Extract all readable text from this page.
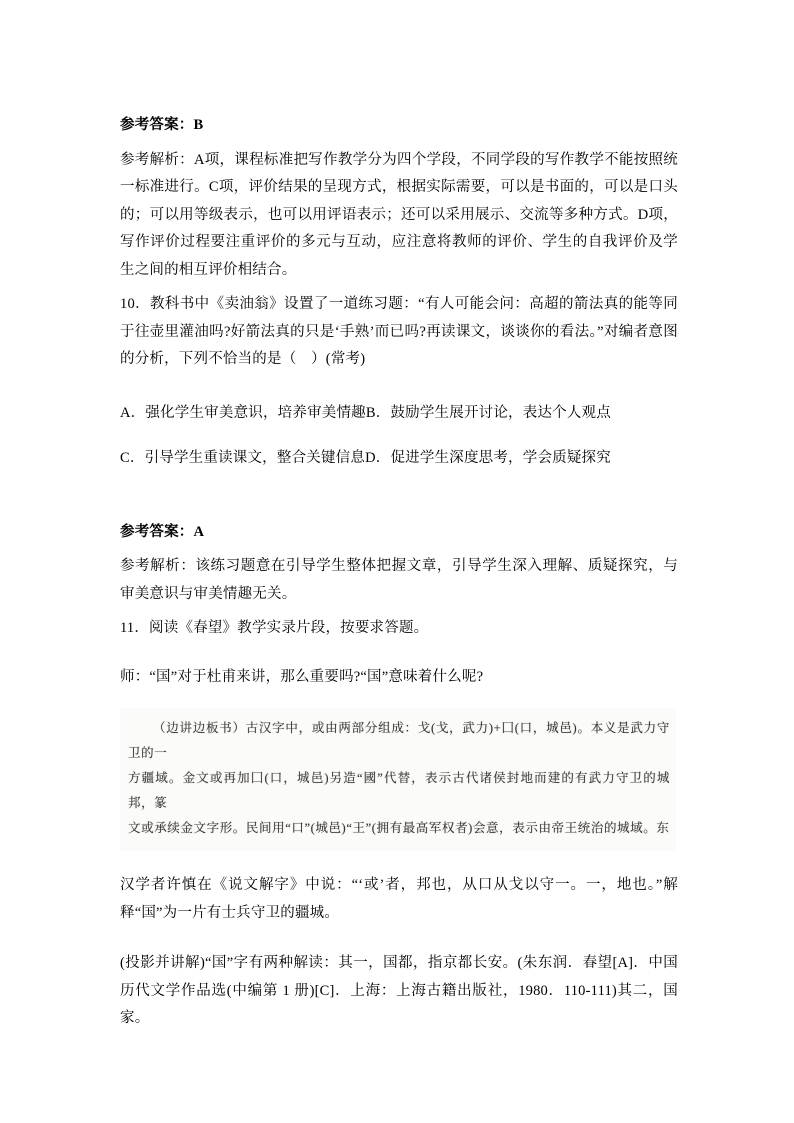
参考答案：B

参考解析：A项，课程标准把写作教学分为四个学段，不同学段的写作教学不能按照统一标准进行。C项，评价结果的呈现方式，根据实际需要，可以是书面的，可以是口头的；可以用等级表示，也可以用评语表示；还可以采用展示、交流等多种方式。D项，写作评价过程要注重评价的多元与互动，应注意将教师的评价、学生的自我评价及学生之间的相互评价相结合。

10．教科书中《卖油翁》设置了一道练习题：“有人可能会问：高超的箭法真的能等同于往壶里灌油吗?好箭法真的只是‘手熟’而已吗?再读课文，谈谈你的看法。”对编者意图的分析，下列不恰当的是（　）(常考)

A．强化学生审美意识，培养审美情趣B．鼓励学生展开讨论，表达个人观点

C．引导学生重读课文，整合关键信息D．促进学生深度思考，学会质疑探究

参考答案：A

参考解析：该练习题意在引导学生整体把握文章，引导学生深入理解、质疑探究，与审美意识与审美情趣无关。

11．阅读《春望》教学实录片段，按要求答题。

师：“国”对于杜甫来讲，那么重要吗?“国”意味着什么呢?

（边讲边板书）古汉字中，或由两部分组成：戈(戈，武力)+囗(口，城邑)。本义是武力守卫的一
方疆域。金文或再加囗(口，城邑)另造“國”代替，表示古代诸侯封地而建的有武力守卫的城邦，篆
文或承续金文字形。民间用“口”(城邑)“王”(拥有最高军权者)会意，表示由帝王统治的城域。东

汉学者许慎在《说文解字》中说：“‘或’者，邦也，从口从戈以守一。一，地也。”解释“国”为一片有士兵守卫的疆城。

(投影并讲解)“国”字有两种解读：其一，国都，指京都长安。(朱东润．春望[A]．中国历代文学作品选(中编第 1 册)[C]．上海：上海古籍出版社，1980．110-111)其二，国家。
